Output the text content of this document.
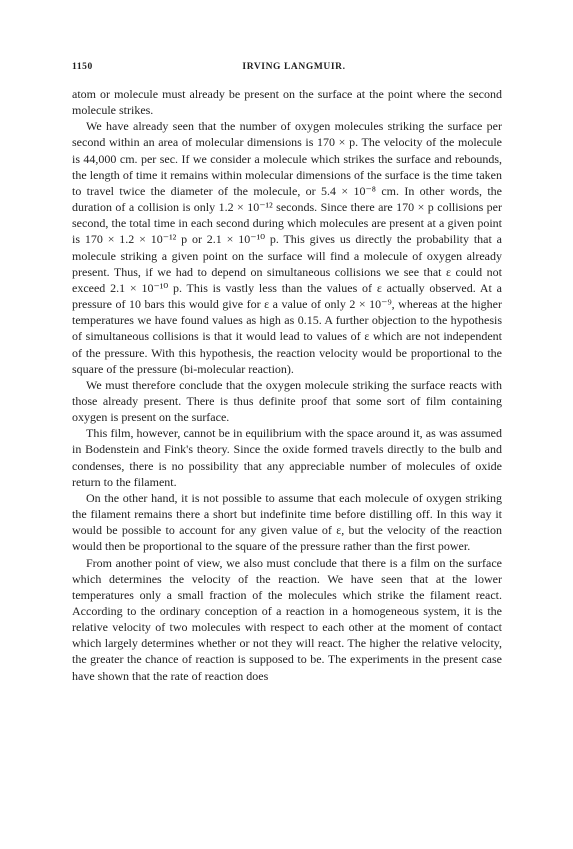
1150	IRVING LANGMUIR.

atom or molecule must already be present on the surface at the point where the second molecule strikes.

We have already seen that the number of oxygen molecules striking the surface per second within an area of molecular dimensions is 170 × p. The velocity of the molecule is 44,000 cm. per sec. If we consider a molecule which strikes the surface and rebounds, the length of time it remains within molecular dimensions of the surface is the time taken to travel twice the diameter of the molecule, or 5.4 × 10⁻⁸ cm. In other words, the duration of a collision is only 1.2 × 10⁻¹² seconds. Since there are 170 × p collisions per second, the total time in each second during which molecules are present at a given point is 170 × 1.2 × 10⁻¹² p or 2.1 × 10⁻¹⁰ p. This gives us directly the probability that a molecule striking a given point on the surface will find a molecule of oxygen already present. Thus, if we had to depend on simultaneous collisions we see that ε could not exceed 2.1 × 10⁻¹⁰ p. This is vastly less than the values of ε actually observed. At a pressure of 10 bars this would give for ε a value of only 2 × 10⁻⁹, whereas at the higher temperatures we have found values as high as 0.15. A further objection to the hypothesis of simultaneous collisions is that it would lead to values of ε which are not independent of the pressure. With this hypothesis, the reaction velocity would be proportional to the square of the pressure (bi-molecular reaction).

We must therefore conclude that the oxygen molecule striking the surface reacts with those already present. There is thus definite proof that some sort of film containing oxygen is present on the surface.

This film, however, cannot be in equilibrium with the space around it, as was assumed in Bodenstein and Fink's theory. Since the oxide formed travels directly to the bulb and condenses, there is no possibility that any appreciable number of molecules of oxide return to the filament.

On the other hand, it is not possible to assume that each molecule of oxygen striking the filament remains there a short but indefinite time before distilling off. In this way it would be possible to account for any given value of ε, but the velocity of the reaction would then be proportional to the square of the pressure rather than the first power.

From another point of view, we also must conclude that there is a film on the surface which determines the velocity of the reaction. We have seen that at the lower temperatures only a small fraction of the molecules which strike the filament react. According to the ordinary conception of a reaction in a homogeneous system, it is the relative velocity of two molecules with respect to each other at the moment of contact which largely determines whether or not they will react. The higher the relative velocity, the greater the chance of reaction is supposed to be. The experiments in the present case have shown that the rate of reaction does
